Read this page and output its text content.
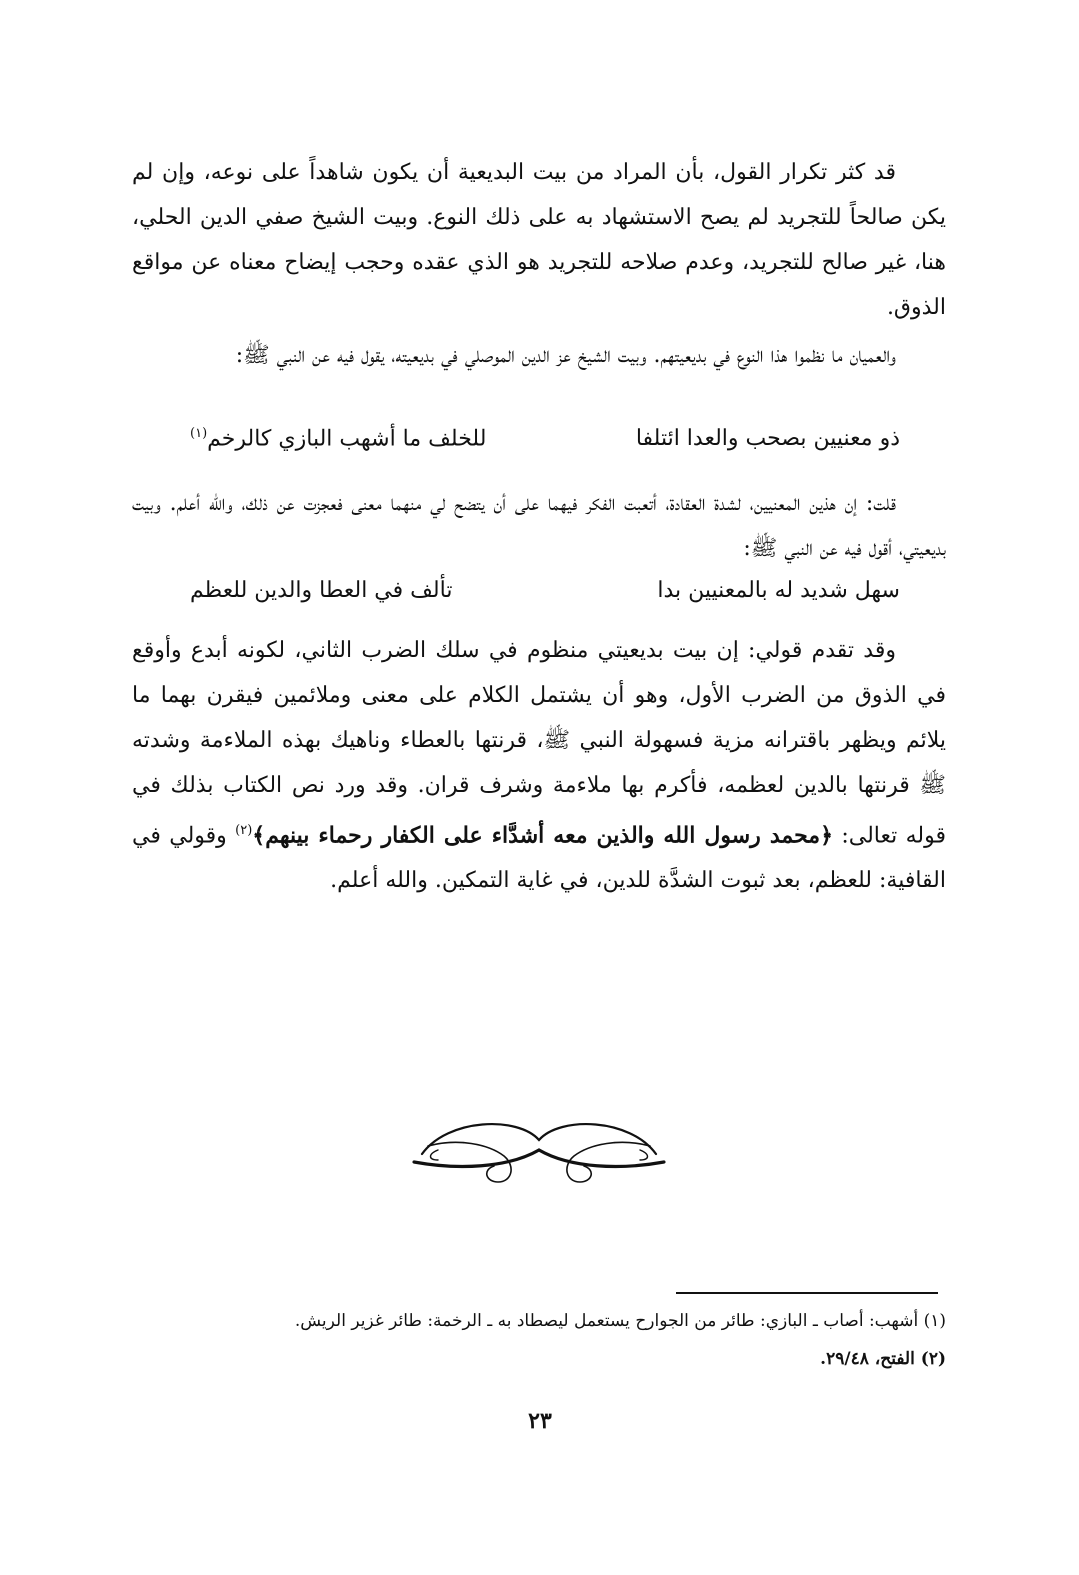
قد كثر تكرار القول، بأن المراد من بيت البديعية أن يكون شاهداً على نوعه، وإن لم يكن صالحاً للتجريد لم يصح الاستشهاد به على ذلك النوع. وبيت الشيخ صفي الدين الحلي، هنا، غير صالح للتجريد، وعدم صلاحه للتجريد هو الذي عقده وحجب إيضاح معناه عن مواقع الذوق.

والعميان ما نظموا هذا النوع في بديعيتهم. وبيت الشيخ عز الدين الموصلي في بديعيته، يقول فيه عن النبي ﷺ:

ذو معنيين بصحب والعدا ائتلفا
للخلف ما أشهب البازي كالرخم$^{(١)}$

قلت: إن هذين المعنيين، لشدة العقادة، أتعبت الفكر فيهما على أن يتضح لي منهما معنى فعجزت عن ذلك، والله أعلم. وبيت بديعيتي، أقول فيه عن النبي ﷺ:

سهل شديد له بالمعنيين بدا
تألف في العطا والدين للعظم

وقد تقدم قولي: إن بيت بديعيتي منظوم في سلك الضرب الثاني، لكونه أبدع وأوقع في الذوق من الضرب الأول، وهو أن يشتمل الكلام على معنى وملائمين فيقرن بهما ما يلائم ويظهر باقترانه مزية فسهولة النبي ﷺ، قرنتها بالعطاء وناهيك بهذه الملاءمة وشدته ﷺ قرنتها بالدين لعظمه، فأكرم بها ملاءمة وشرف قران. وقد ورد نص الكتاب بذلك في قوله تعالى: ﴿محمد رسول الله والذين معه أشدَّاء على الكفار رحماء بينهم﴾$^{(٢)}$ وقولي في القافية: للعظم، بعد ثبوت الشدَّة للدين، في غاية التمكين. والله أعلم.

(١) أشهب: أصاب ـ البازي: طائر من الجوارح يستعمل ليصطاد به ـ الرخمة: طائر غزير الريش.
(٢) الفتح، ٢٩/٤٨.
٢٣
